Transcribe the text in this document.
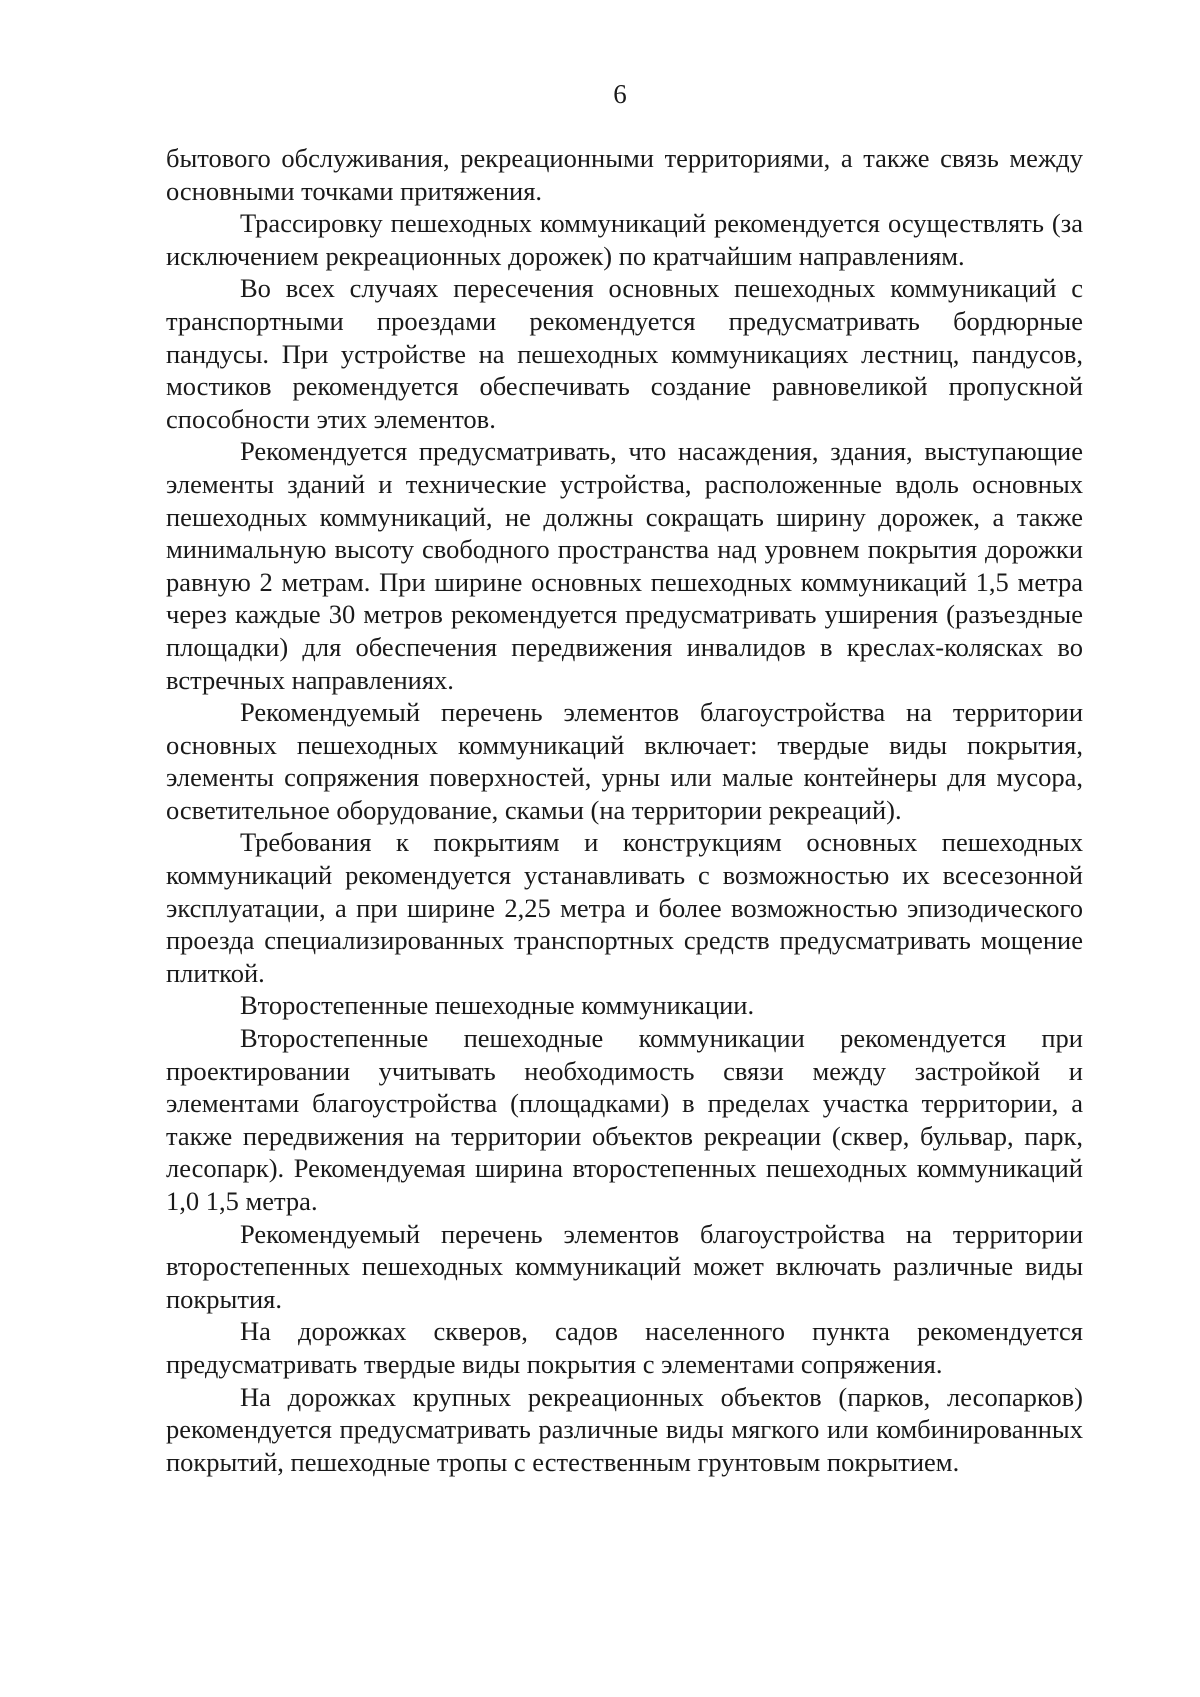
6

бытового обслуживания, рекреационными территориями, а также связь между основными точками притяжения.

Трассировку пешеходных коммуникаций рекомендуется осуществлять (за исключением рекреационных дорожек) по кратчайшим направлениям.

Во всех случаях пересечения основных пешеходных коммуникаций с транспортными проездами рекомендуется предусматривать бордюрные пандусы. При устройстве на пешеходных коммуникациях лестниц, пандусов, мостиков рекомендуется обеспечивать создание равновеликой пропускной способности этих элементов.

Рекомендуется предусматривать, что насаждения, здания, выступающие элементы зданий и технические устройства, расположенные вдоль основных пешеходных коммуникаций, не должны сокращать ширину дорожек, а также минимальную высоту свободного пространства над уровнем покрытия дорожки равную 2 метрам. При ширине основных пешеходных коммуникаций 1,5 метра через каждые 30 метров рекомендуется предусматривать уширения (разъездные площадки) для обеспечения передвижения инвалидов в креслах-колясках во встречных направлениях.

Рекомендуемый перечень элементов благоустройства на территории основных пешеходных коммуникаций включает: твердые виды покрытия, элементы сопряжения поверхностей, урны или малые контейнеры для мусора, осветительное оборудование, скамьи (на территории рекреаций).

Требования к покрытиям и конструкциям основных пешеходных коммуникаций рекомендуется устанавливать с возможностью их всесезонной эксплуатации, а при ширине 2,25 метра и более возможностью эпизодического проезда специализированных транспортных средств предусматривать мощение плиткой.

Второстепенные пешеходные коммуникации.

Второстепенные пешеходные коммуникации рекомендуется при проектировании учитывать необходимость связи между застройкой и элементами благоустройства (площадками) в пределах участка территории, а также передвижения на территории объектов рекреации (сквер, бульвар, парк, лесопарк). Рекомендуемая ширина второстепенных пешеходных коммуникаций 1,0 1,5 метра.

Рекомендуемый перечень элементов благоустройства на территории второстепенных пешеходных коммуникаций может включать различные виды покрытия.

На дорожках скверов, садов населенного пункта рекомендуется предусматривать твердые виды покрытия с элементами сопряжения.

На дорожках крупных рекреационных объектов (парков, лесопарков) рекомендуется предусматривать различные виды мягкого или комбинированных покрытий, пешеходные тропы с естественным грунтовым покрытием.
